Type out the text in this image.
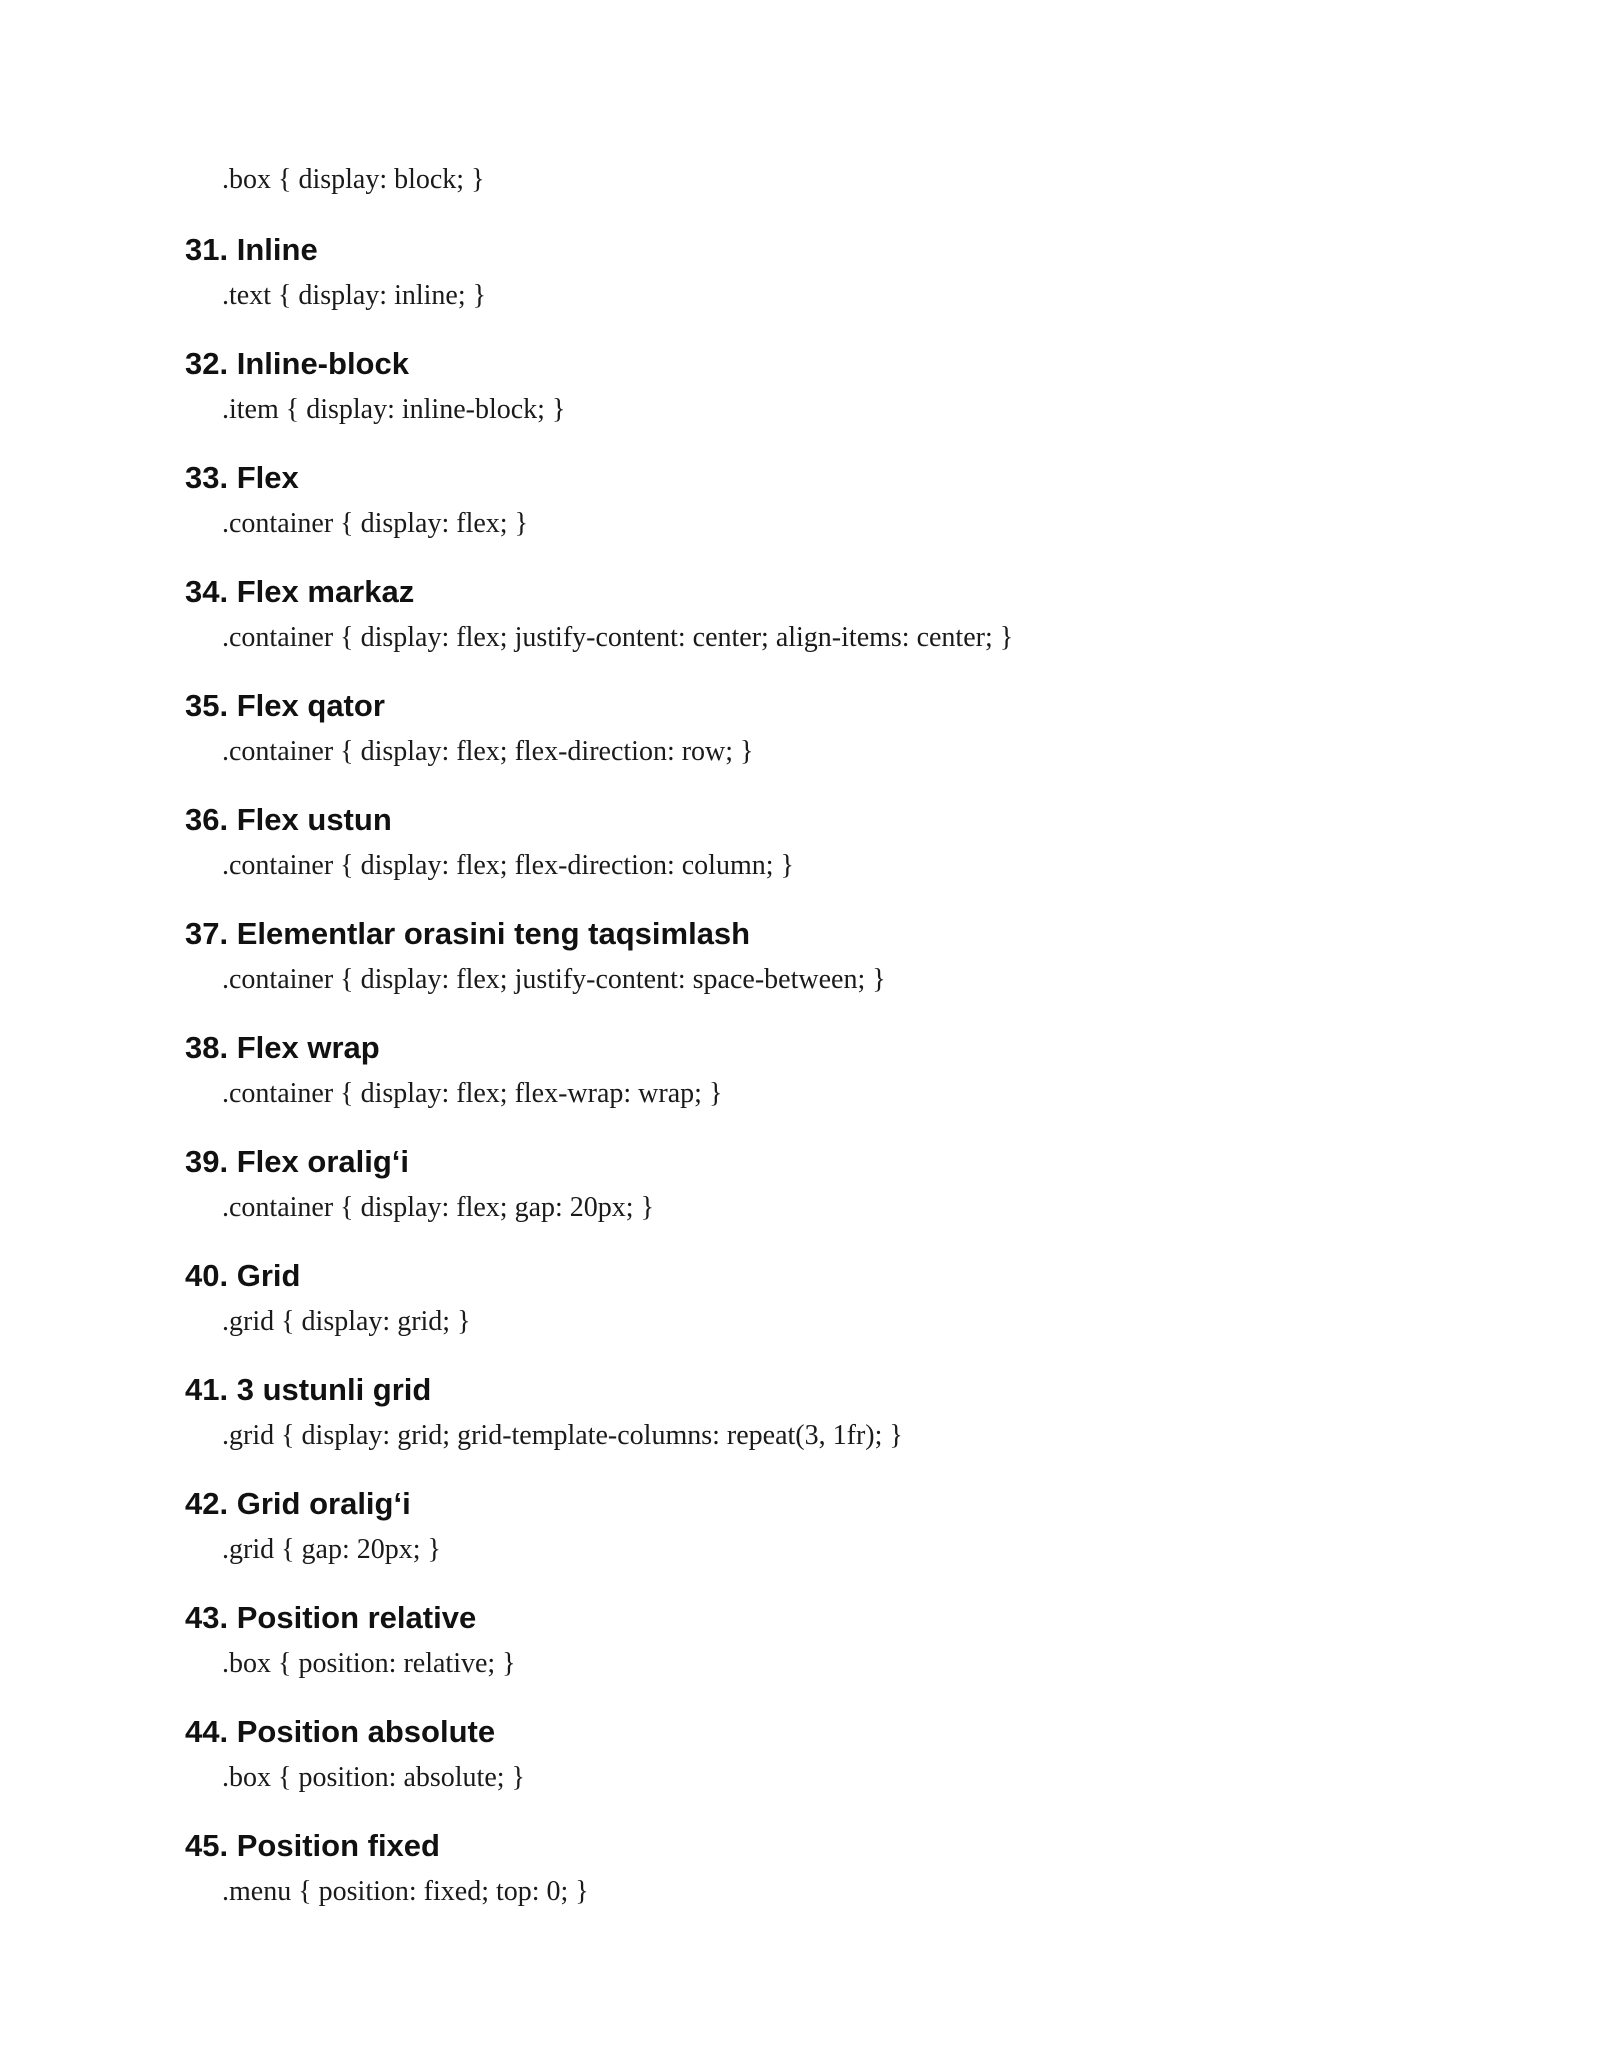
.box { display: block; }

31. Inline

.text { display: inline; }

32. Inline-block

.item { display: inline-block; }

33. Flex

.container { display: flex; }

34. Flex markaz

.container { display: flex; justify-content: center; align-items: center; }

35. Flex qator

.container { display: flex; flex-direction: row; }

36. Flex ustun

.container { display: flex; flex-direction: column; }

37. Elementlar orasini teng taqsimlash

.container { display: flex; justify-content: space-between; }

38. Flex wrap

.container { display: flex; flex-wrap: wrap; }

39. Flex oralig‘i

.container { display: flex; gap: 20px; }

40. Grid

.grid { display: grid; }

41. 3 ustunli grid

.grid { display: grid; grid-template-columns: repeat(3, 1fr); }

42. Grid oralig‘i

.grid { gap: 20px; }

43. Position relative

.box { position: relative; }

44. Position absolute

.box { position: absolute; }

45. Position fixed

.menu { position: fixed; top: 0; }
